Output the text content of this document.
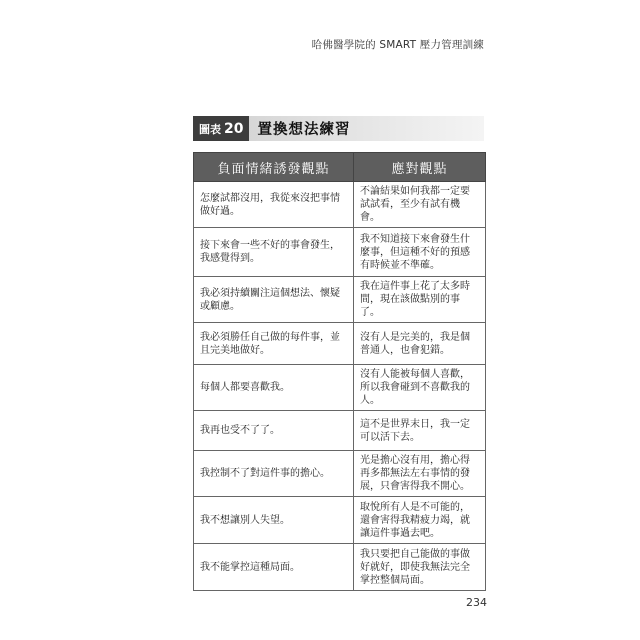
哈佛醫學院的 SMART 壓力管理訓練
圖表 20 置換想法練習
負面情緒誘發觀點	應對觀點
怎麼試都沒用，我從來沒把事情做好過。	不論結果如何我都一定要試試看，至少有試有機會。
接下來會一些不好的事會發生，我感覺得到。	我不知道接下來會發生什麼事，但這種不好的預感有時候並不準確。
我必須持續關注這個想法、懷疑或顧慮。	我在這件事上花了太多時間，現在該做點別的事了。
我必須勝任自己做的每件事，並且完美地做好。	沒有人是完美的，我是個普通人，也會犯錯。
每個人都要喜歡我。	沒有人能被每個人喜歡，所以我會碰到不喜歡我的人。
我再也受不了了。	這不是世界末日，我一定可以活下去。
我控制不了對這件事的擔心。	光是擔心沒有用，擔心得再多都無法左右事情的發展，只會害得我不開心。
我不想讓別人失望。	取悅所有人是不可能的，還會害得我精疲力竭，就讓這件事過去吧。
我不能掌控這種局面。	我只要把自己能做的事做好就好，即使我無法完全掌控整個局面。
234
